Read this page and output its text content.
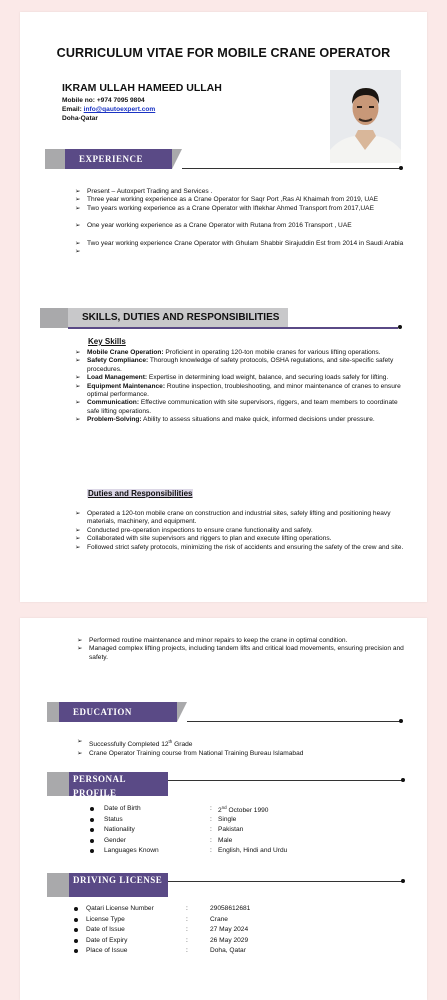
CURRICULUM VITAE FOR MOBILE CRANE OPERATOR
IKRAM ULLAH HAMEED ULLAH
Mobile no: +974 7095 9804
Email: info@qautoexpert.com
Doha-Qatar
EXPERIENCE
➢ Present – Autoxpert Trading and Services .
➢ Three year working experience as a Crane Operator for Saqr Port ,Ras Al Khaimah from 2019, UAE
➢ Two years working experience as a Crane Operator with Iftekhar Ahmed Transport from 2017,UAE
➢ One year working experience as a Crane Operator with Rutana from 2016 Transport , UAE
➢ Two year working experience Crane Operator with Ghulam Shabbir Sirajuddin Est from 2014 in Saudi Arabia
SKILLS, DUTIES AND RESPONSIBILITIES
Key Skills
➢ Mobile Crane Operation: Proficient in operating 120-ton mobile cranes for various lifting operations.
➢ Safety Compliance: Thorough knowledge of safety protocols, OSHA regulations, and site-specific safety procedures.
➢ Load Management: Expertise in determining load weight, balance, and securing loads safely for lifting.
➢ Equipment Maintenance: Routine inspection, troubleshooting, and minor maintenance of cranes to ensure optimal performance.
➢ Communication: Effective communication with site supervisors, riggers, and team members to coordinate safe lifting operations.
➢ Problem-Solving: Ability to assess situations and make quick, informed decisions under pressure.
Duties and Responsibilities
➢ Operated a 120-ton mobile crane on construction and industrial sites, safely lifting and positioning heavy materials, machinery, and equipment.
➢ Conducted pre-operation inspections to ensure crane functionality and safety.
➢ Collaborated with site supervisors and riggers to plan and execute lifting operations.
➢ Followed strict safety protocols, minimizing the risk of accidents and ensuring the safety of the crew and site.
➢ Performed routine maintenance and minor repairs to keep the crane in optimal condition.
➢ Managed complex lifting projects, including tandem lifts and critical load movements, ensuring precision and safety.
EDUCATION
➢ Successfully Completed 12th Grade
➢ Crane Operator Training course from National Training Bureau Islamabad
PERSONAL PROFILE
Date of Birth	:	2nd October 1990
Status	:	Single
Nationality	:	Pakistan
Gender	:	Male
Languages Known	:	English, Hindi and Urdu
DRIVING LICENSE
Qatari License Number	:	29058612681
License Type	:	Crane
Date of Issue	:	27 May 2024
Date of Expiry	:	26 May 2029
Place of Issue	:	Doha, Qatar
